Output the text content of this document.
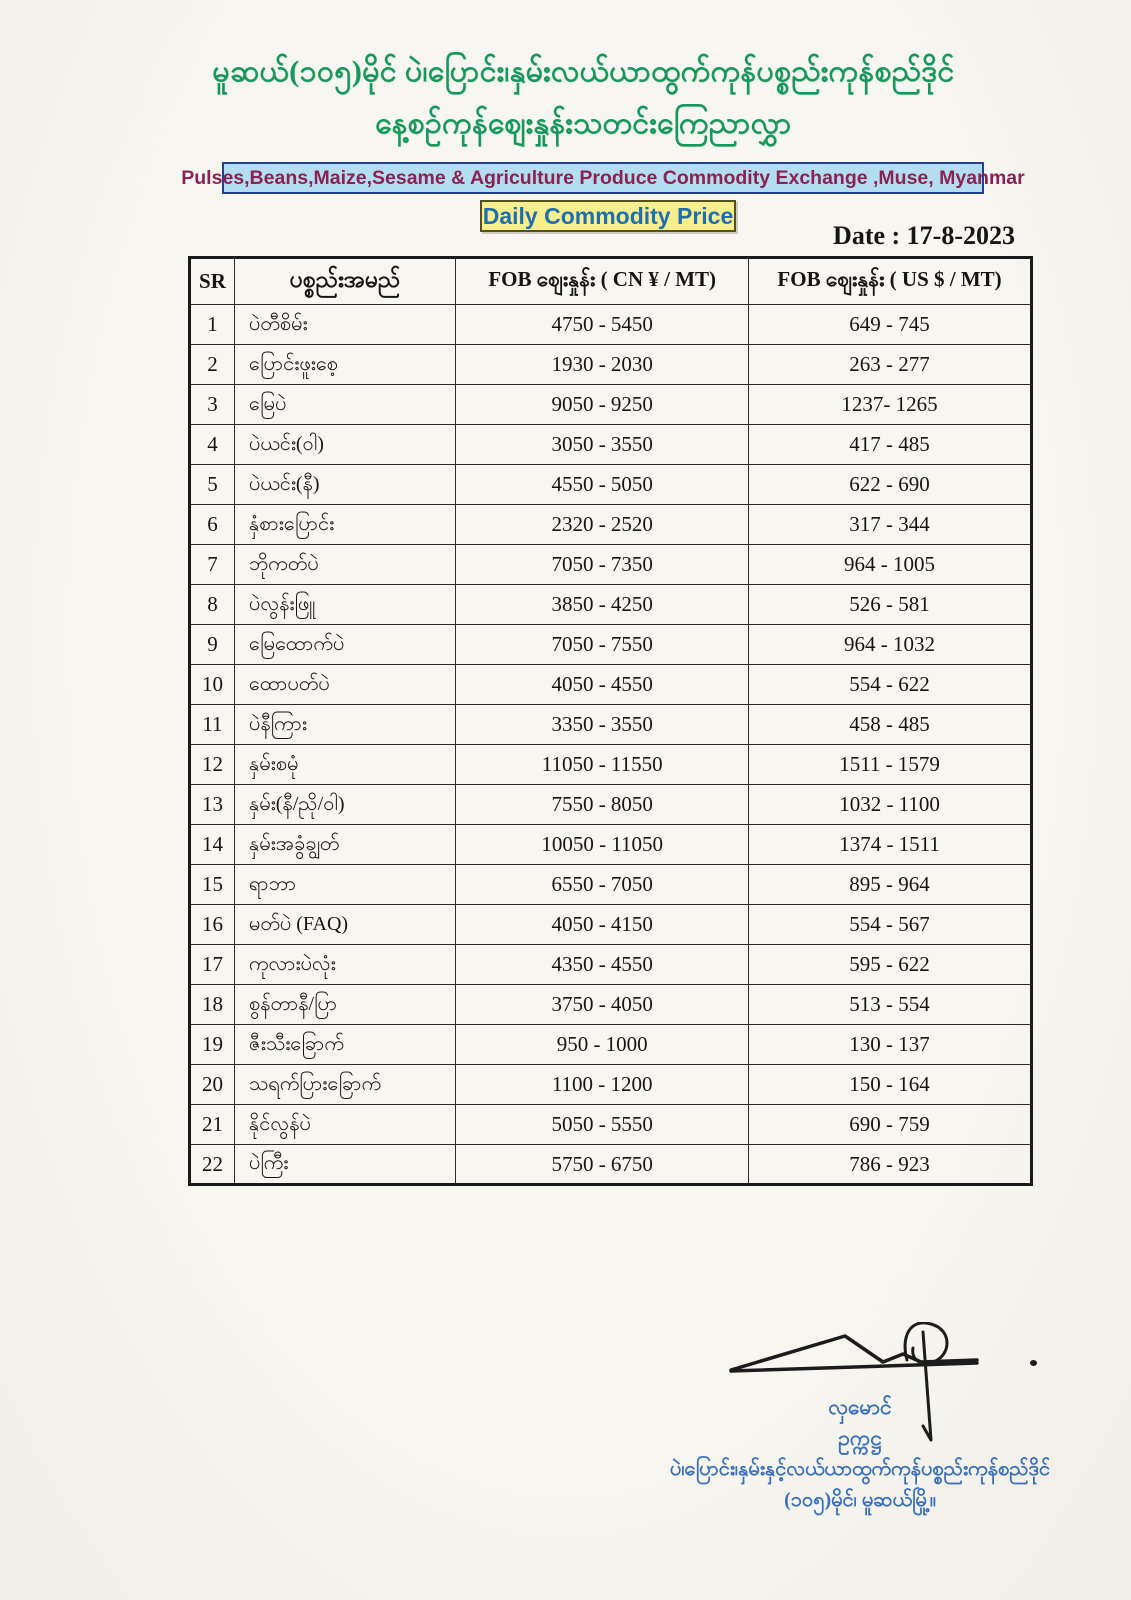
မူဆယ်(၁၀၅)မိုင် ပဲ၊ပြောင်း၊နှမ်းလယ်ယာထွက်ကုန်ပစ္စည်းကုန်စည်ဒိုင်
နေ့စဉ်ကုန်ဈေးနှုန်းသတင်းကြေညာလွှာ
Pulses,Beans,Maize,Sesame & Agriculture Produce Commodity Exchange ,Muse, Myanmar
Daily Commodity Price
Date : 17-8-2023
SR	ပစ္စည်းအမည်	FOB ဈေးနှုန်း ( CN ¥ / MT)	FOB ဈေးနှုန်း ( US $ / MT)
1	ပဲတီစိမ်း	4750 - 5450	649 - 745
2	ပြောင်းဖူးစေ့	1930 - 2030	263 - 277
3	မြေပဲ	9050 - 9250	1237- 1265
4	ပဲယင်း(ဝါ)	3050 - 3550	417 - 485
5	ပဲယင်း(နီ)	4550 - 5050	622 - 690
6	နှံစားပြောင်း	2320 - 2520	317 - 344
7	ဘိုကတ်ပဲ	7050 - 7350	964 - 1005
8	ပဲလွန်းဖြူ	3850 - 4250	526 - 581
9	မြေထောက်ပဲ	7050 - 7550	964 - 1032
10	ထောပတ်ပဲ	4050 - 4550	554 - 622
11	ပဲနီကြား	3350 - 3550	458 - 485
12	နှမ်းစမုံ	11050 - 11550	1511 - 1579
13	နှမ်း(နီ/ညို/ဝါ)	7550 - 8050	1032 - 1100
14	နှမ်းအခွံချွတ်	10050 - 11050	1374 - 1511
15	ရာဘာ	6550 - 7050	895 - 964
16	မတ်ပဲ (FAQ)	4050 - 4150	554 - 567
17	ကုလားပဲလုံး	4350 - 4550	595 - 622
18	စွန်တာနီ/ပြာ	3750 - 4050	513 - 554
19	ဇီးသီးခြောက်	950 - 1000	130 - 137
20	သရက်ပြားခြောက်	1100 - 1200	150 - 164
21	နိုင်လွန်ပဲ	5050 - 5550	690 - 759
22	ပဲကြီး	5750 - 6750	786 - 923
လှမောင်
ဥက္ကဋ္ဌ
ပဲ၊ပြောင်း၊နှမ်းနှင့်လယ်ယာထွက်ကုန်ပစ္စည်းကုန်စည်ဒိုင်
(၁၀၅)မိုင်၊ မူဆယ်မြို့။
